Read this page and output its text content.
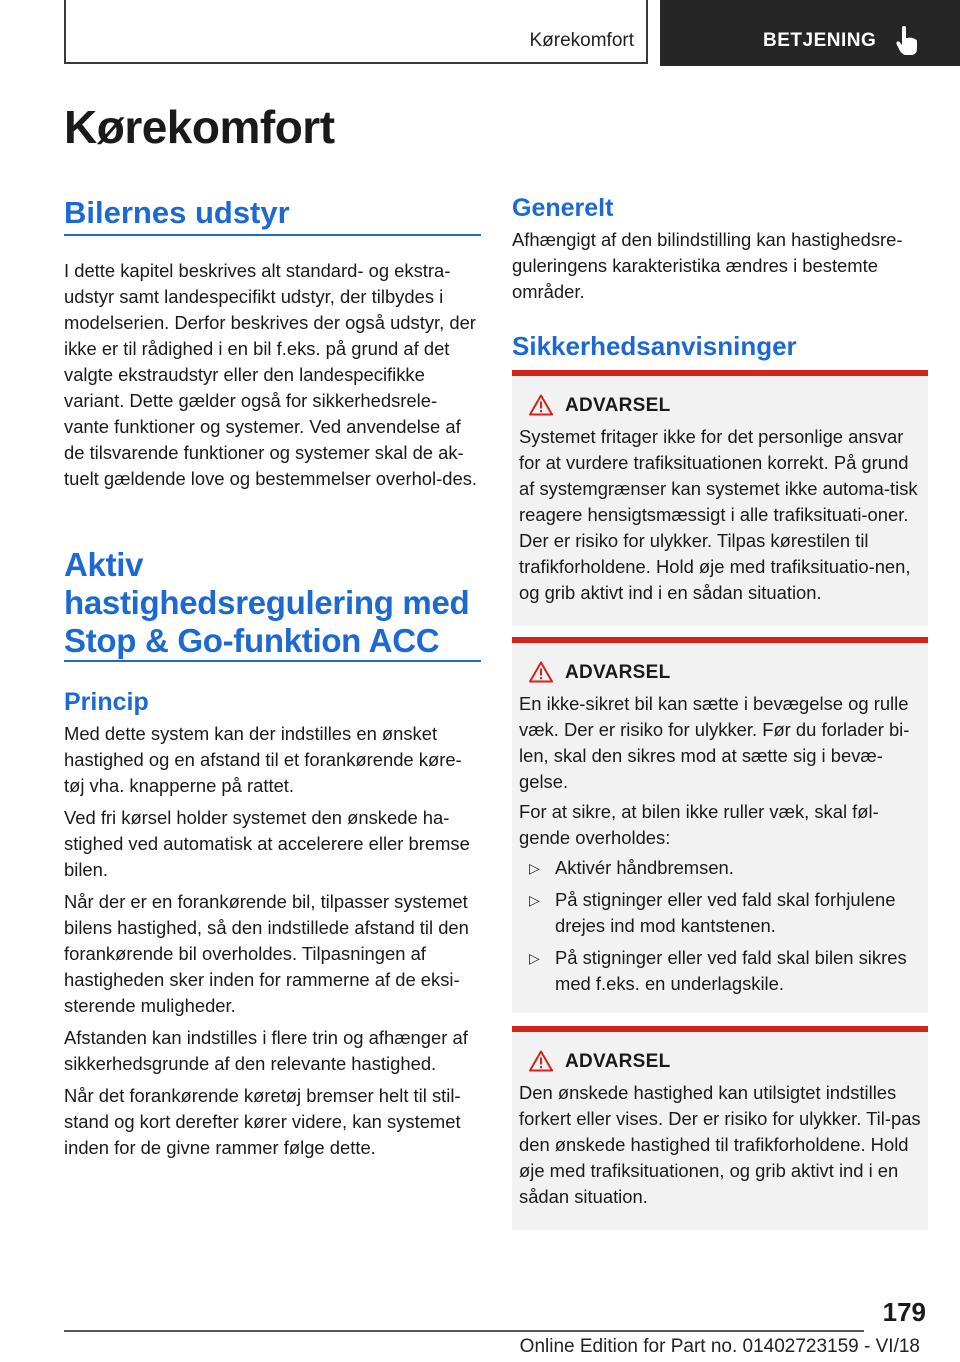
Kørekomfort	BETJENING
Kørekomfort
Bilernes udstyr

I dette kapitel beskrives alt standard- og ekstra-udstyr samt landespecifikt udstyr, der tilbydes i modelserien. Derfor beskrives der også udstyr, der ikke er til rådighed i en bil f.eks. på grund af det valgte ekstraudstyr eller den landespecifikke variant. Dette gælder også for sikkerhedsrele-vante funktioner og systemer. Ved anvendelse af de tilsvarende funktioner og systemer skal de ak-tuelt gældende love og bestemmelser overhol-des.

Aktiv hastighedsregulering med Stop & Go-funktion ACC
Princip

Med dette system kan der indstilles en ønsket hastighed og en afstand til et forankørende køre-tøj vha. knapperne på rattet.

Ved fri kørsel holder systemet den ønskede ha-stighed ved automatisk at accelerere eller bremse bilen.

Når der er en forankørende bil, tilpasser systemet bilens hastighed, så den indstillede afstand til den forankørende bil overholdes. Tilpasningen af hastigheden sker inden for rammerne af de eksi-sterende muligheder.

Afstanden kan indstilles i flere trin og afhænger af sikkerhedsgrunde af den relevante hastighed.

Når det forankørende køretøj bremser helt til stil-stand og kort derefter kører videre, kan systemet inden for de givne rammer følge dette.

Generelt

Afhængigt af den bilindstilling kan hastighedsre-guleringens karakteristika ændres i bestemte områder.

Sikkerhedsanvisninger
ADVARSEL

Systemet fritager ikke for det personlige ansvar for at vurdere trafiksituationen korrekt. På grund af systemgrænser kan systemet ikke automa-tisk reagere hensigtsmæssigt i alle trafiksituati-oner. Der er risiko for ulykker. Tilpas kørestilen til trafikforholdene. Hold øje med trafiksituatio-nen, og grib aktivt ind i en sådan situation.

ADVARSEL

En ikke-sikret bil kan sætte i bevægelse og rulle væk. Der er risiko for ulykker. Før du forlader bi-len, skal den sikres mod at sætte sig i bevæ-gelse.

For at sikre, at bilen ikke ruller væk, skal føl-gende overholdes:

▷ Aktivér håndbremsen.
▷ På stigninger eller ved fald skal forhjulene drejes ind mod kantstenen.
▷ På stigninger eller ved fald skal bilen sikres med f.eks. en underlagskile.
ADVARSEL

Den ønskede hastighed kan utilsigtet indstilles forkert eller vises. Der er risiko for ulykker. Til-pas den ønskede hastighed til trafikforholdene. Hold øje med trafiksituationen, og grib aktivt ind i en sådan situation.

179
Online Edition for Part no. 01402723159 - VI/18
